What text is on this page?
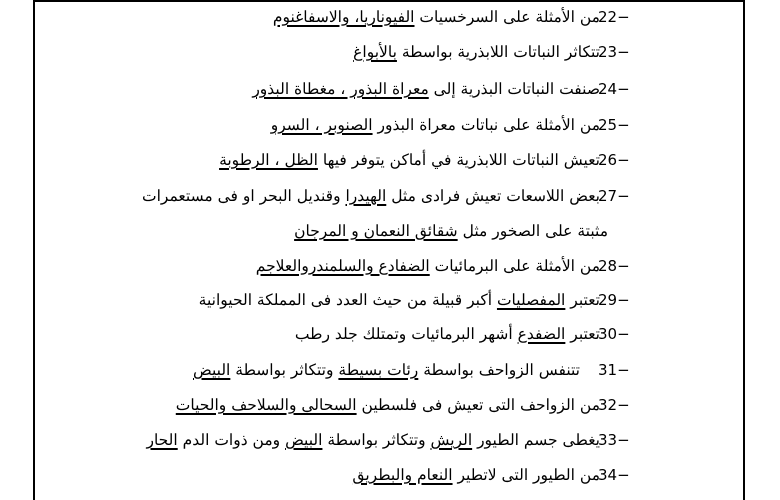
22−
من الأمثلة على السرخسيات الفيوناريا، والاسفاغنوم
23−
تتكاثر النباتات اللابذرية بواسطة بالأبواغ
24−
صنفت النباتات البذرية إلى معراة البذور ، مغطاة البذور
25−
من الأمثلة على نباتات معراة البذور الصنوبر ، السرو
26−
تعيش النباتات اللابذرية في أماكن يتوفر فيها الظل ، الرطوبة
27−
بعض اللاسعات تعيش فرادى مثل الهيدرا وقنديل البحر او فى مستعمرات
مثبتة على الصخور مثل شقائق النعمان و المرجان
28−
من الأمثلة على البرمائيات الضفادع والسلمندروالعلاجم
29−
تعتبر المفصليات أكبر قبيلة من حيث العدد فى المملكة الحيوانية
30−
تعتبر الضفدع أشهر البرمائيات وتمتلك جلد رطب
31−
تتنفس الزواحف بواسطة رئات بسيطة وتتكاثر بواسطة البيض
32−
من الزواحف التى تعيش فى فلسطين السحالى والسلاحف والحيات
33−
يغطى جسم الطيور الريش وتتكاثر بواسطة البيض ومن ذوات الدم الحار
34−
من الطيور التى لاتطير النعام والبطريق
